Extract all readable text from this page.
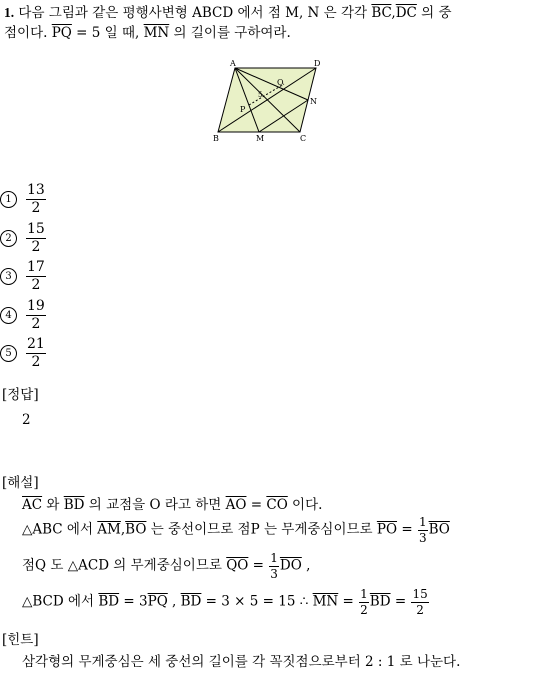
1. 다음 그림과 같은 평행사변형 ABCD 에서 점 M, N 은 각각 $\overline{BC},\overline{DC}$ 의 중
점이다. $\overline{PQ} = 5$ 일 때, $\overline{MN}$ 의 길이를 구하여라.
A	D
B	M	C
N
P
Q
5
$1 \frac{13}{2}$
$2 \frac{15}{2}$
$3 \frac{17}{2}$
$4 \frac{19}{2}$
$5 \frac{21}{2}$
[정답]
2
[해설]
$\overline{AC}$ 와 $\overline{BD}$ 의 교점을 O 라고 하면 $\overline{AO} = \overline{CO}$ 이다.
△ABC 에서 $\overline{AM},\overline{BO}$ 는 중선이므로 점P 는 무게중심이므로 $\overline{PO} = \frac{1}{3} \overline{BO}$
점Q 도 △ACD 의 무게중심이므로 $\overline{QO} = \frac{1}{3} \overline{DO}$ ,
△BCD 에서 $\overline{BD} = 3\overline{PQ}$ , $\overline{BD} = 3 \times 5 = 15$ ∴ $\overline{MN} = \frac{1}{2} \overline{BD} = \frac{15}{2}$
[힌트]
삼각형의 무게중심은 세 중선의 길이를 각 꼭짓점으로부터 2 : 1 로 나눈다.
